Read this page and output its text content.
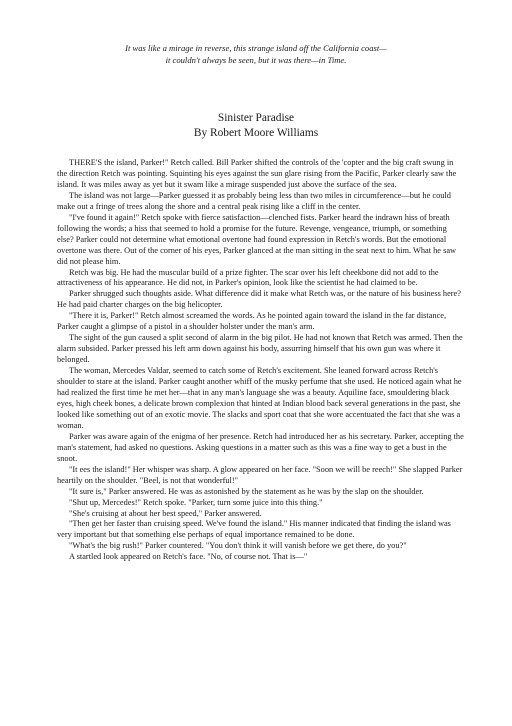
It was like a mirage in reverse, this strange island off the California coast—
it couldn't always be seen, but it was there—in Time.
Sinister Paradise
By Robert Moore Williams

THERE'S the island, Parker!" Retch called. Bill Parker shifted the controls of the 'copter and the big craft swung in the direction Retch was pointing. Squinting his eyes against the sun glare rising from the Pacific, Parker clearly saw the island. It was miles away as yet but it swam like a mirage suspended just above the surface of the sea.

The island was not large—Parker guessed it as probably being less than two miles in circumference—but he could make out a fringe of trees along the shore and a central peak rising like a cliff in the center.

"I've found it again!" Retch spoke with fierce satisfaction—clenched fists. Parker heard the indrawn hiss of breath following the words; a hiss that seemed to hold a promise for the future. Revenge, vengeance, triumph, or something else? Parker could not determine what emotional overtone had found expression in Retch's words. But the emotional overtone was there. Out of the corner of his eyes, Parker glanced at the man sitting in the seat next to him. What he saw did not please him.

Retch was big. He had the muscular build of a prize fighter. The scar over his left cheekbone did not add to the attractiveness of his appearance. He did not, in Parker's opinion, look like the scientist he had claimed to be.

Parker shrugged such thoughts aside. What difference did it make what Retch was, or the nature of his business here? He had paid charter charges on the big helicopter.

"There it is, Parker!" Retch almost screamed the words. As he pointed again toward the island in the far distance, Parker caught a glimpse of a pistol in a shoulder holster under the man's arm.

The sight of the gun caused a split second of alarm in the big pilot. He had not known that Retch was armed. Then the alarm subsided. Parker pressed his left arm down against his body, assurring himself that his own gun was where it belonged.

The woman, Mercedes Valdar, seemed to catch some of Retch's excitement. She leaned forward across Retch's shoulder to stare at the island. Parker caught another whiff of the musky perfume that she used. He noticed again what he had realized the first time he met her—that in any man's language she was a beauty. Aquiline face, smouldering black eyes, high cheek bones, a delicate brown complexion that hinted at Indian blood back several generations in the past, she looked like something out of an exotic movie. The slacks and sport coat that she wore accentuated the fact that she was a woman.

Parker was aware again of the enigma of her presence. Retch had introduced her as his secretary. Parker, accepting the man's statement, had asked no questions. Asking questions in a matter such as this was a fine way to get a bust in the snoot.

"It ees the island!" Her whisper was sharp. A glow appeared on her face. "Soon we will be reech!" She slapped Parker heartily on the shoulder. "Beel, is not that wonderful!"

"It sure is," Parker answered. He was as astonished by the statement as he was by the slap on the shoulder.

"Shut up, Mercedes!" Retch spoke. "Parker, turn some juice into this thing."

"She's cruising at about her best speed," Parker answered.

"Then get her faster than cruising speed. We've found the island." His manner indicated that finding the island was very important but that something else perhaps of equal importance remained to be done.

"What's the big rush!" Parker countered. "You don't think it will vanish before we get there, do you?"

A startled look appeared on Retch's face. "No, of course not. That is—"
